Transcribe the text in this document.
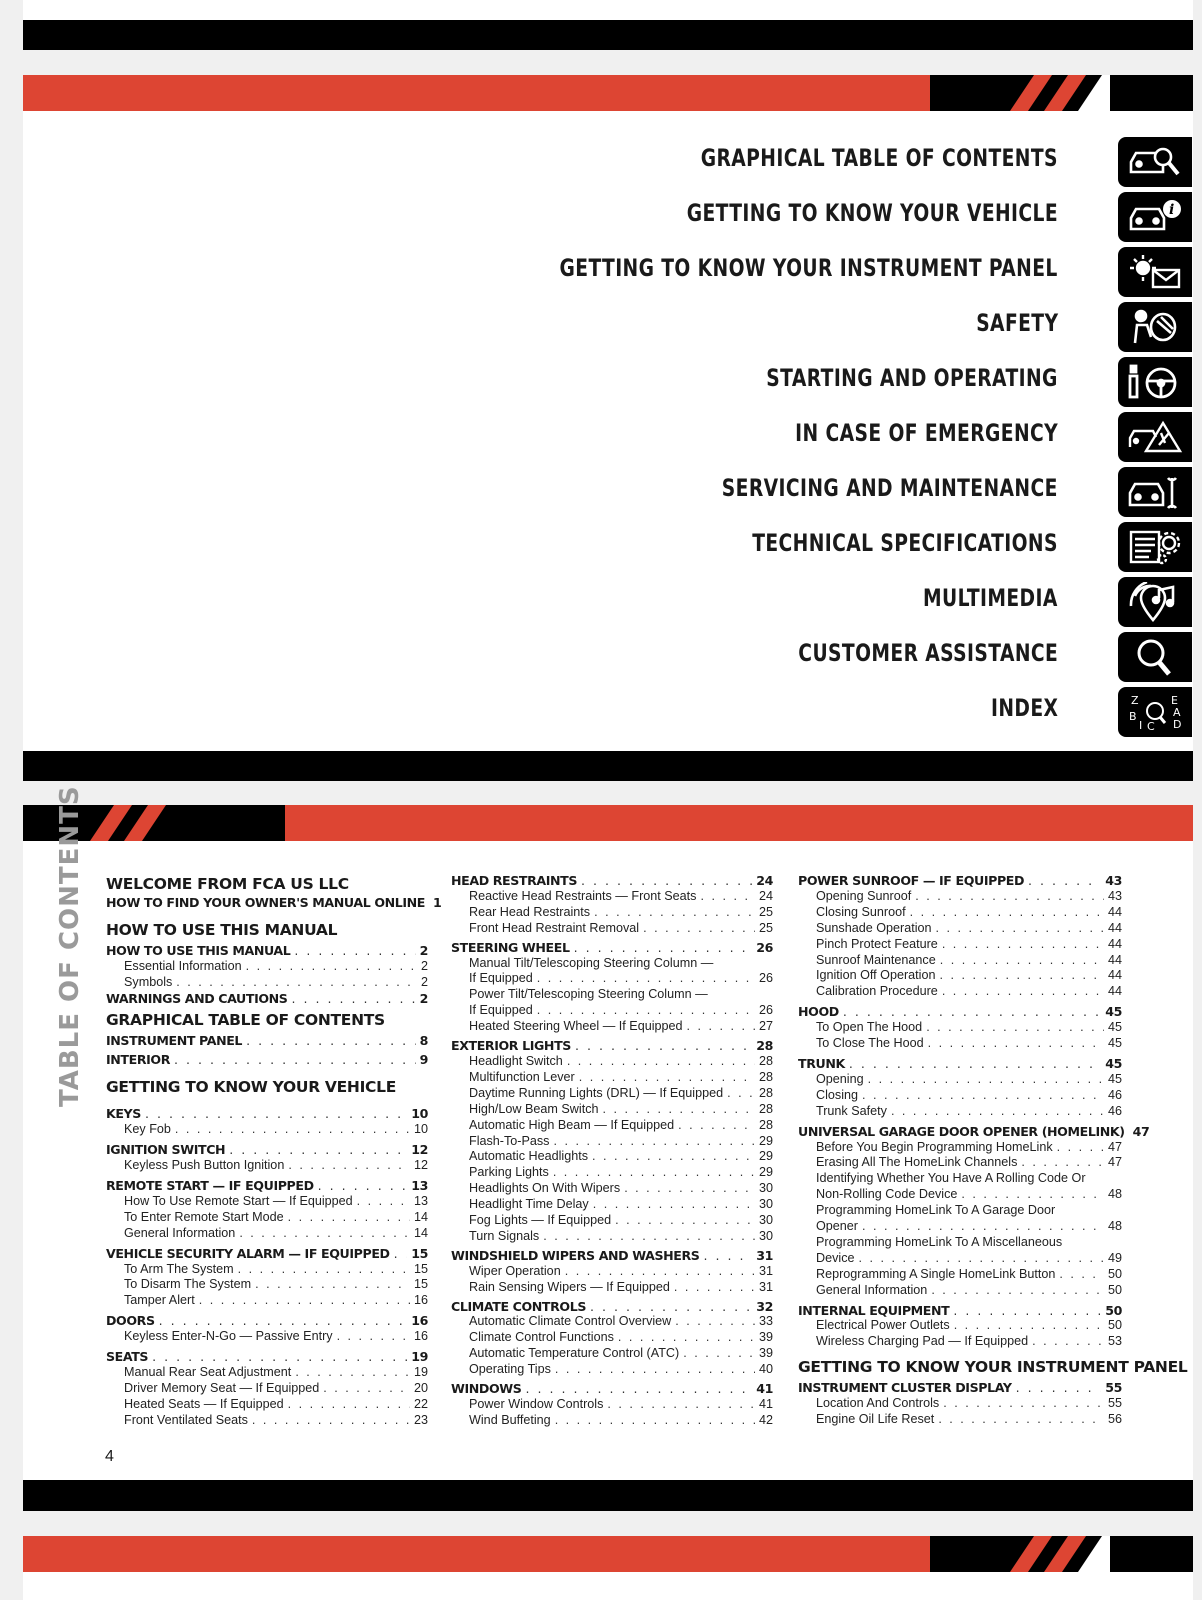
GRAPHICAL TABLE OF CONTENTS
GETTING TO KNOW YOUR VEHICLE
GETTING TO KNOW YOUR INSTRUMENT PANEL
SAFETY
STARTING AND OPERATING
IN CASE OF EMERGENCY
SERVICING AND MAINTENANCE
TECHNICAL SPECIFICATIONS
MULTIMEDIA
CUSTOMER ASSISTANCE
INDEX
i
Z	E
A
B
I C D
TABLE OF CONTENTS WELCOME FROM FCA US LLC
HOW TO FIND YOUR OWNER'S MANUAL ONLINE 1
HOW TO USE THIS MANUAL
HOW TO USE THIS MANUAL . . .	2
Essential Information . . .	2
Symbols . . .	2
WARNINGS AND CAUTIONS . . .	2
GRAPHICAL TABLE OF CONTENTS
INSTRUMENT PANEL . . .	8
INTERIOR . . .	9
GETTING TO KNOW YOUR VEHICLE
KEYS . . .	10
Key Fob . . .	10
IGNITION SWITCH . . .	12
Keyless Push Button Ignition . . .	12
REMOTE START — IF EQUIPPED . . .	13
How To Use Remote Start — If Equipped . . .	13
To Enter Remote Start Mode . . .	14
General Information . . .	14
VEHICLE SECURITY ALARM — IF EQUIPPED . . . 15
To Arm The System . . .	15
To Disarm The System . . .	15
Tamper Alert . . .	16
DOORS . . .	16
Keyless Enter-N-Go — Passive Entry . . .	16
SEATS . . .	19
Manual Rear Seat Adjustment . . .	19
Driver Memory Seat — If Equipped . . .	20
Heated Seats — If Equipped . . .	22
Front Ventilated Seats . . .	23
HEAD RESTRAINTS . . .	24
Reactive Head Restraints — Front Seats . . .	24
Rear Head Restraints . . .	25
Front Head Restraint Removal . . .	25
STEERING WHEEL . . .	26
Manual Tilt/Telescoping Steering Column —
If Equipped . . .	26
Power Tilt/Telescoping Steering Column —
If Equipped . . .	26
Heated Steering Wheel — If Equipped . . .	27
EXTERIOR LIGHTS . . .	28
Headlight Switch . . .	28
Multifunction Lever . . .	28
Daytime Running Lights (DRL) — If Equipped . . .	28
High/Low Beam Switch . . .	28
Automatic High Beam — If Equipped . . .	28
Flash-To-Pass . . .	29
Automatic Headlights . . .	29
Parking Lights . . .	29
Headlights On With Wipers . . .	30
Headlight Time Delay . . .	30
Fog Lights — If Equipped . . .	30
Turn Signals . . .	30
WINDSHIELD WIPERS AND WASHERS . . .	31
Wiper Operation . . .	31
Rain Sensing Wipers — If Equipped . . .	31
CLIMATE CONTROLS . . .	32
Automatic Climate Control Overview . . .	33
Climate Control Functions . . .	39
Automatic Temperature Control (ATC) . . .	39
Operating Tips . . .	40
WINDOWS . . .	41
Power Window Controls . . .	41
Wind Buffeting . . .	42
POWER SUNROOF — IF EQUIPPED . . .	43
Opening Sunroof . . .	43
Closing Sunroof . . .	44
Sunshade Operation . . .	44
Pinch Protect Feature . . .	44
Sunroof Maintenance . . .	44
Ignition Off Operation . . .	44
Calibration Procedure . . .	44
HOOD . . .	45
To Open The Hood . . .	45
To Close The Hood . . .	45
TRUNK . . .	45
Opening . . .	45
Closing . . .	46
Trunk Safety . . .	46
UNIVERSAL GARAGE DOOR OPENER (HOMELINK) 47
Before You Begin Programming HomeLink . . .	47
Erasing All The HomeLink Channels . . .	47
Identifying Whether You Have A Rolling Code Or
Non-Rolling Code Device . . .	48
Programming HomeLink To A Garage Door
Opener . . .	48
Programming HomeLink To A Miscellaneous
Device . . .	49
Reprogramming A Single HomeLink Button . . .	50
General Information . . .	50
INTERNAL EQUIPMENT . . .	50
Electrical Power Outlets . . .	50
Wireless Charging Pad — If Equipped . . .	53
GETTING TO KNOW YOUR INSTRUMENT PANEL
INSTRUMENT CLUSTER DISPLAY . . .	55
Location And Controls . . .	55
Engine Oil Life Reset . . .	56
4
